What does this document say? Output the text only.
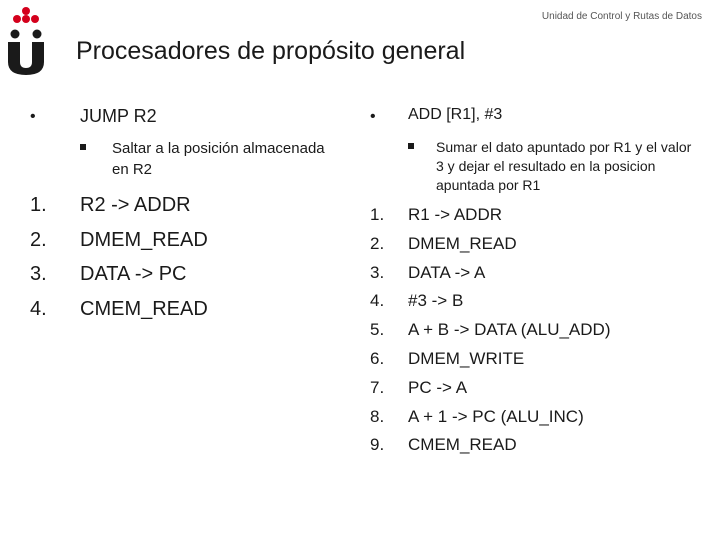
Unidad de Control y Rutas de Datos
Procesadores de propósito general
• JUMP R2
Saltar a la posición almacenada en R2
1. R2 -> ADDR
2. DMEM_READ
3. DATA -> PC
4. CMEM_READ
• ADD [R1], #3
Sumar el dato apuntado por R1 y el valor 3 y dejar el resultado en la posicion apuntada por R1
1. R1 -> ADDR
2. DMEM_READ
3. DATA -> A
4. #3 -> B
5. A + B -> DATA (ALU_ADD)
6. DMEM_WRITE
7. PC -> A
8. A + 1 -> PC (ALU_INC)
9. CMEM_READ
